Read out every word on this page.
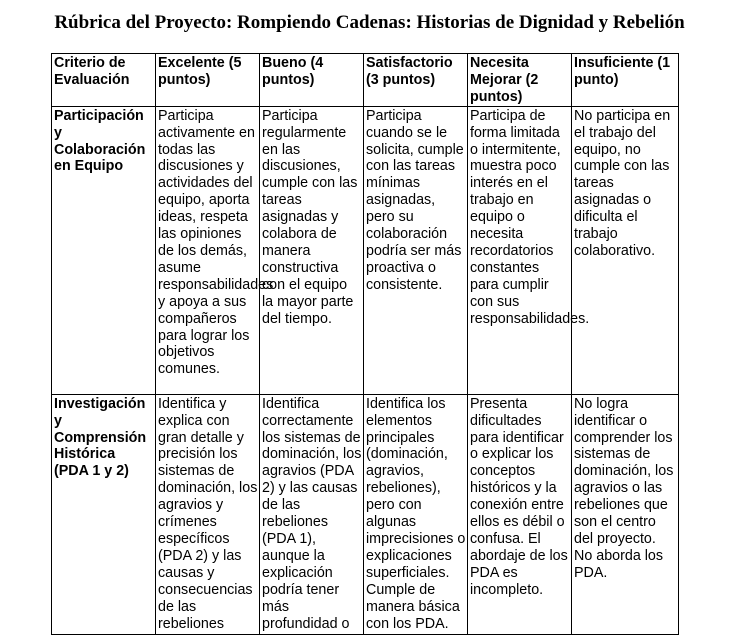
Rúbrica del Proyecto: Rompiendo Cadenas: Historias de Dignidad y Rebelión
Criterio de Evaluación	Excelente (5 puntos)	Bueno (4 puntos)	Satisfactorio (3 puntos)	Necesita Mejorar (2 puntos)	Insuficiente (1 punto)
Participación y Colaboración en Equipo	Participa activamente en todas las discusiones y actividades del equipo, aporta ideas, respeta las opiniones de los demás, asume responsabilidades y apoya a sus compañeros para lograr los objetivos comunes.	Participa regularmente en las discusiones, cumple con las tareas asignadas y colabora de manera constructiva con el equipo la mayor parte del tiempo.	Participa cuando se le solicita, cumple con las tareas mínimas asignadas, pero su colaboración podría ser más proactiva o consistente.	Participa de forma limitada o intermitente, muestra poco interés en el trabajo en equipo o necesita recordatorios constantes para cumplir con sus responsabilidades.	No participa en el trabajo del equipo, no cumple con las tareas asignadas o dificulta el trabajo colaborativo.
Investigación y Comprensión Histórica (PDA 1 y 2)	Identifica y explica con gran detalle y precisión los sistemas de dominación, los agravios y crímenes específicos (PDA 2) y las causas y consecuencias de las rebeliones	Identifica correctamente los sistemas de dominación, los agravios (PDA 2) y las causas de las rebeliones (PDA 1), aunque la explicación podría tener más profundidad o	Identifica los elementos principales (dominación, agravios, rebeliones), pero con algunas imprecisiones o explicaciones superficiales. Cumple de manera básica con los PDA.	Presenta dificultades para identificar o explicar los conceptos históricos y la conexión entre ellos es débil o confusa. El abordaje de los PDA es incompleto.	No logra identificar o comprender los sistemas de dominación, los agravios o las rebeliones que son el centro del proyecto. No aborda los PDA.
